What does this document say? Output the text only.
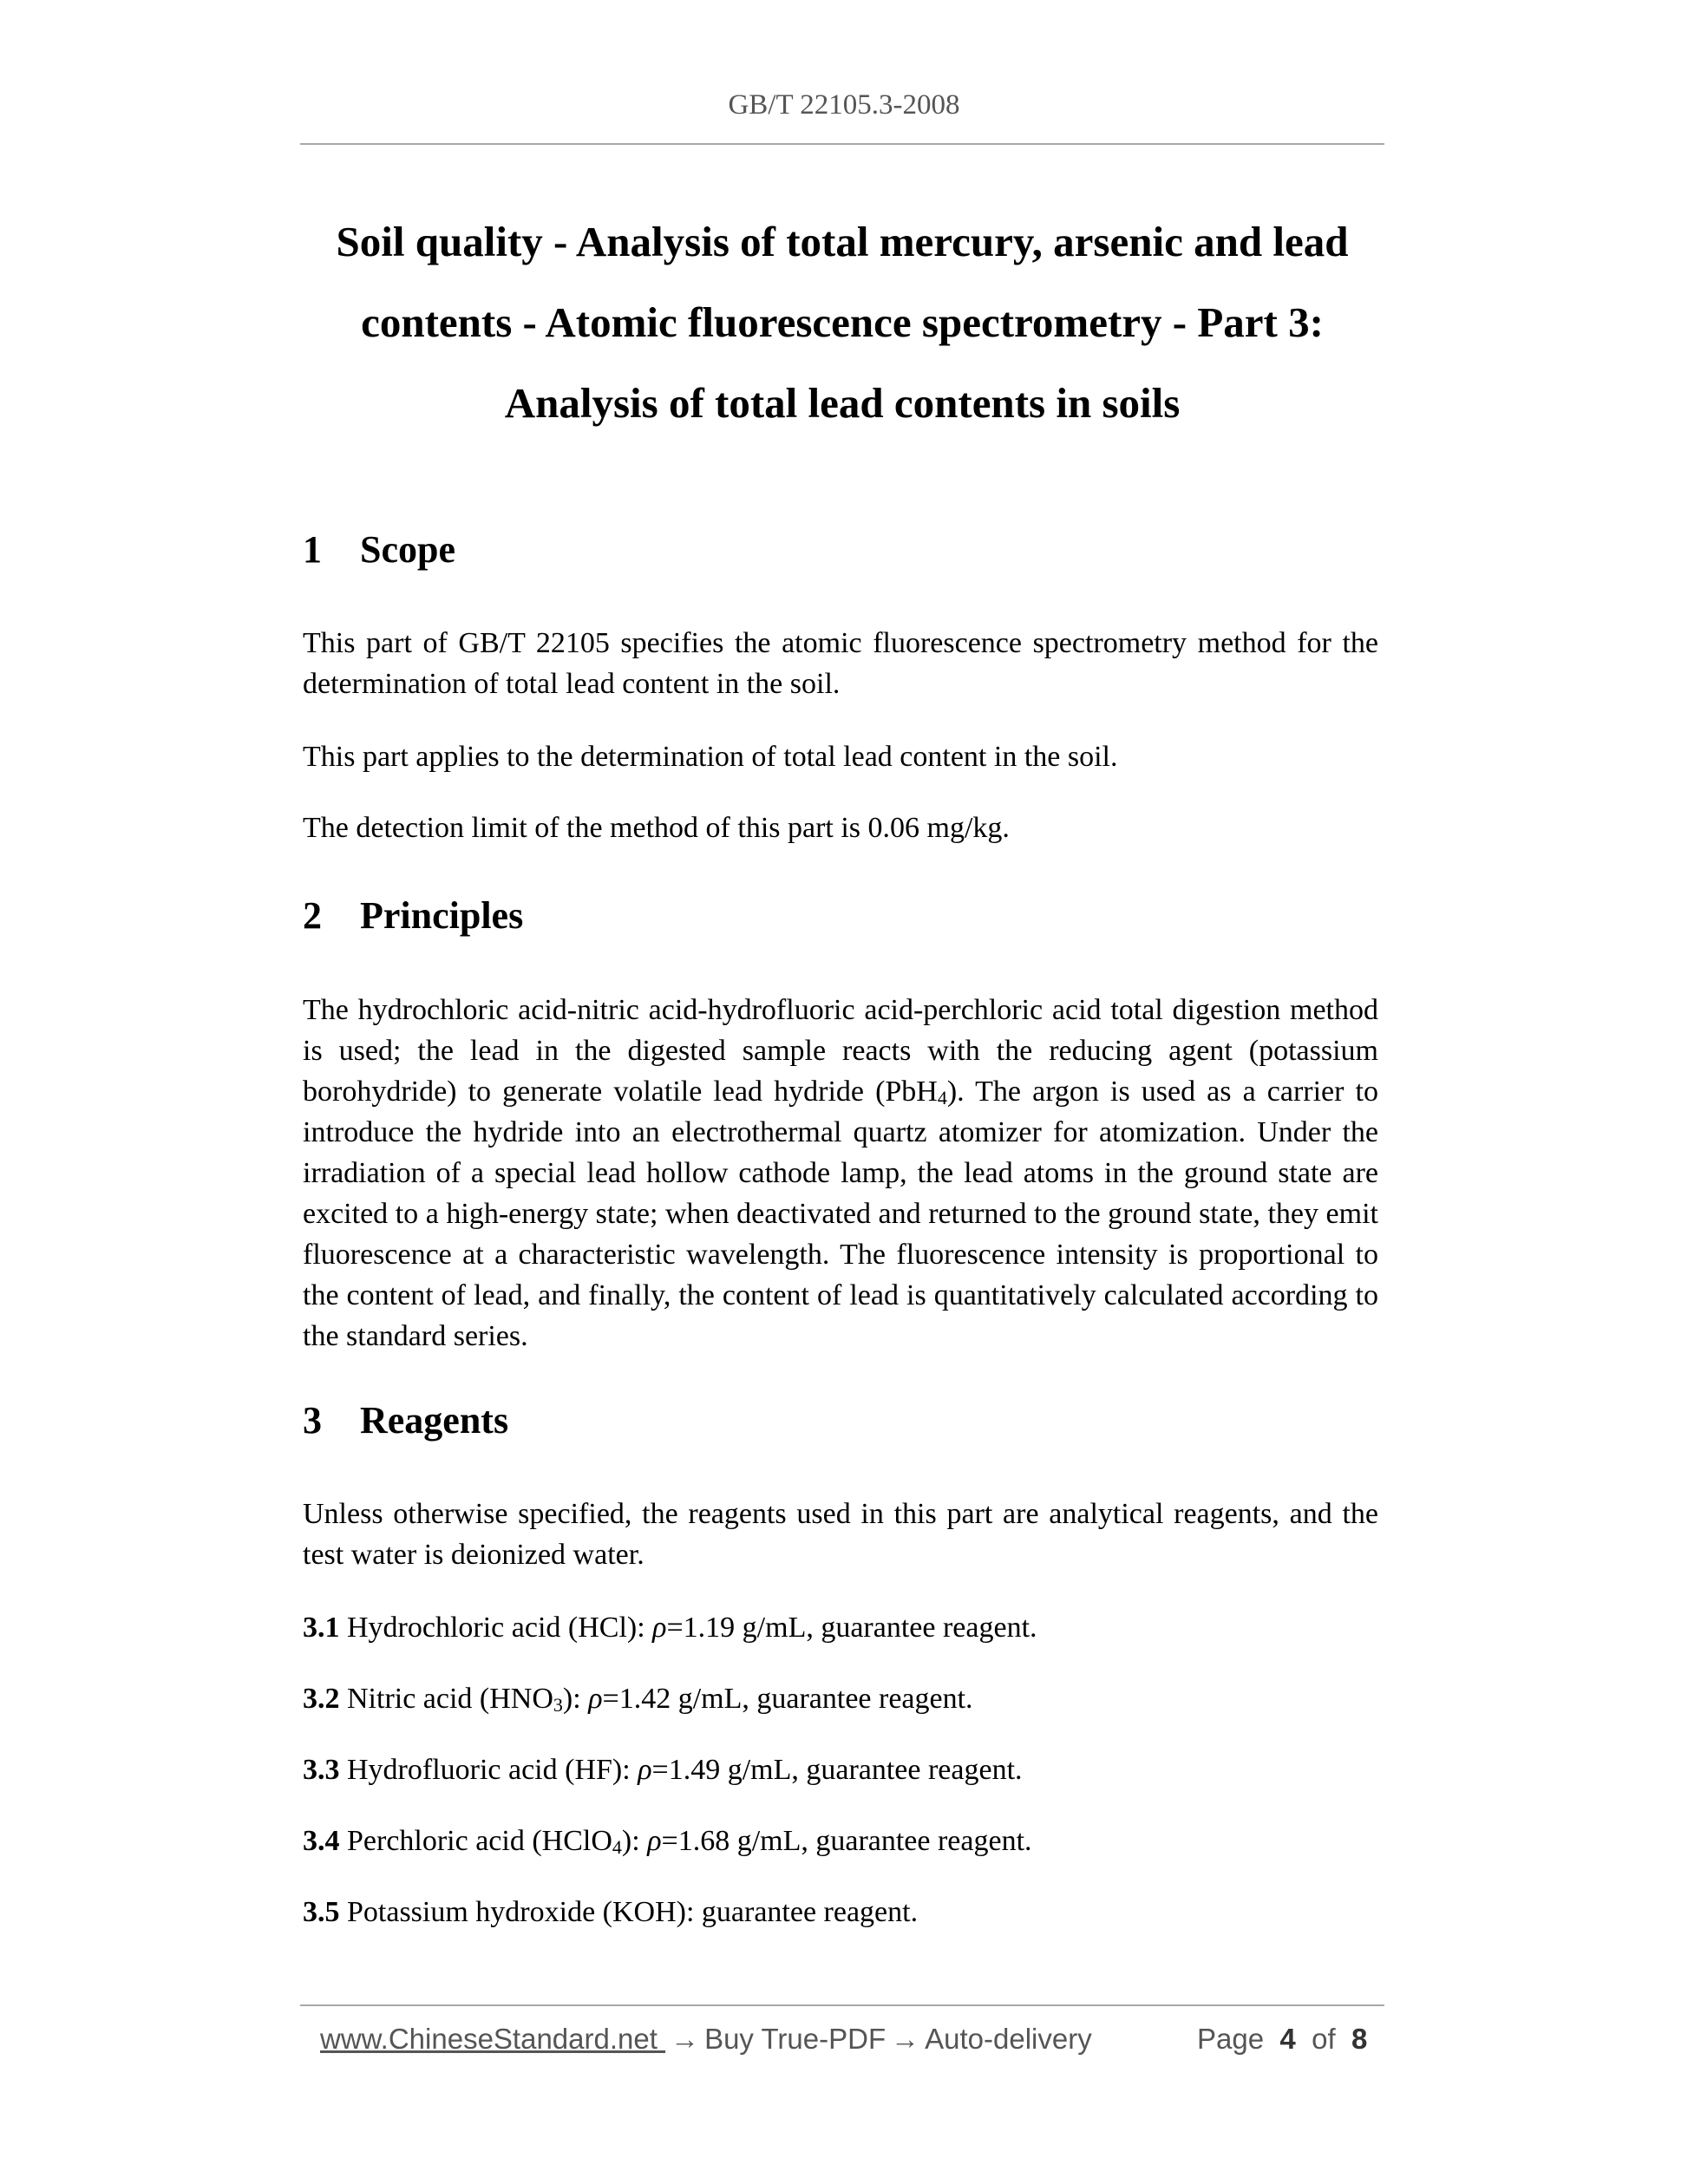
GB/T 22105.3-2008
Soil quality - Analysis of total mercury, arsenic and lead
contents - Atomic fluorescence spectrometry - Part 3:
Analysis of total lead contents in soils
1 Scope

This part of GB/T 22105 specifies the atomic fluorescence spectrometry method for the determination of total lead content in the soil.

This part applies to the determination of total lead content in the soil.

The detection limit of the method of this part is 0.06 mg/kg.

2 Principles

The hydrochloric acid-nitric acid-hydrofluoric acid-perchloric acid total digestion method is used; the lead in the digested sample reacts with the reducing agent (potassium borohydride) to generate volatile lead hydride (PbH$_4$). The argon is used as a carrier to introduce the hydride into an electrothermal quartz atomizer for atomization. Under the irradiation of a special lead hollow cathode lamp, the lead atoms in the ground state are excited to a high-energy state; when deactivated and returned to the ground state, they emit fluorescence at a characteristic wavelength. The fluorescence intensity is proportional to the content of lead, and finally, the content of lead is quantitatively calculated according to the standard series.

3 Reagents

Unless otherwise specified, the reagents used in this part are analytical reagents, and the test water is deionized water.

3.1 Hydrochloric acid (HCl): ρ=1.19 g/mL, guarantee reagent.

3.2 Nitric acid $(HNO_3)$: ρ=1.42 g/mL, guarantee reagent.

3.3 Hydrofluoric acid (HF): ρ=1.49 g/mL, guarantee reagent.

3.4 Perchloric acid (HClO$_4$): ρ=1.68 g/mL, guarantee reagent.

3.5 Potassium hydroxide (KOH): guarantee reagent.

www.ChineseStandard.net → Buy True-PDF → Auto-delivery	Page 4 of 8
